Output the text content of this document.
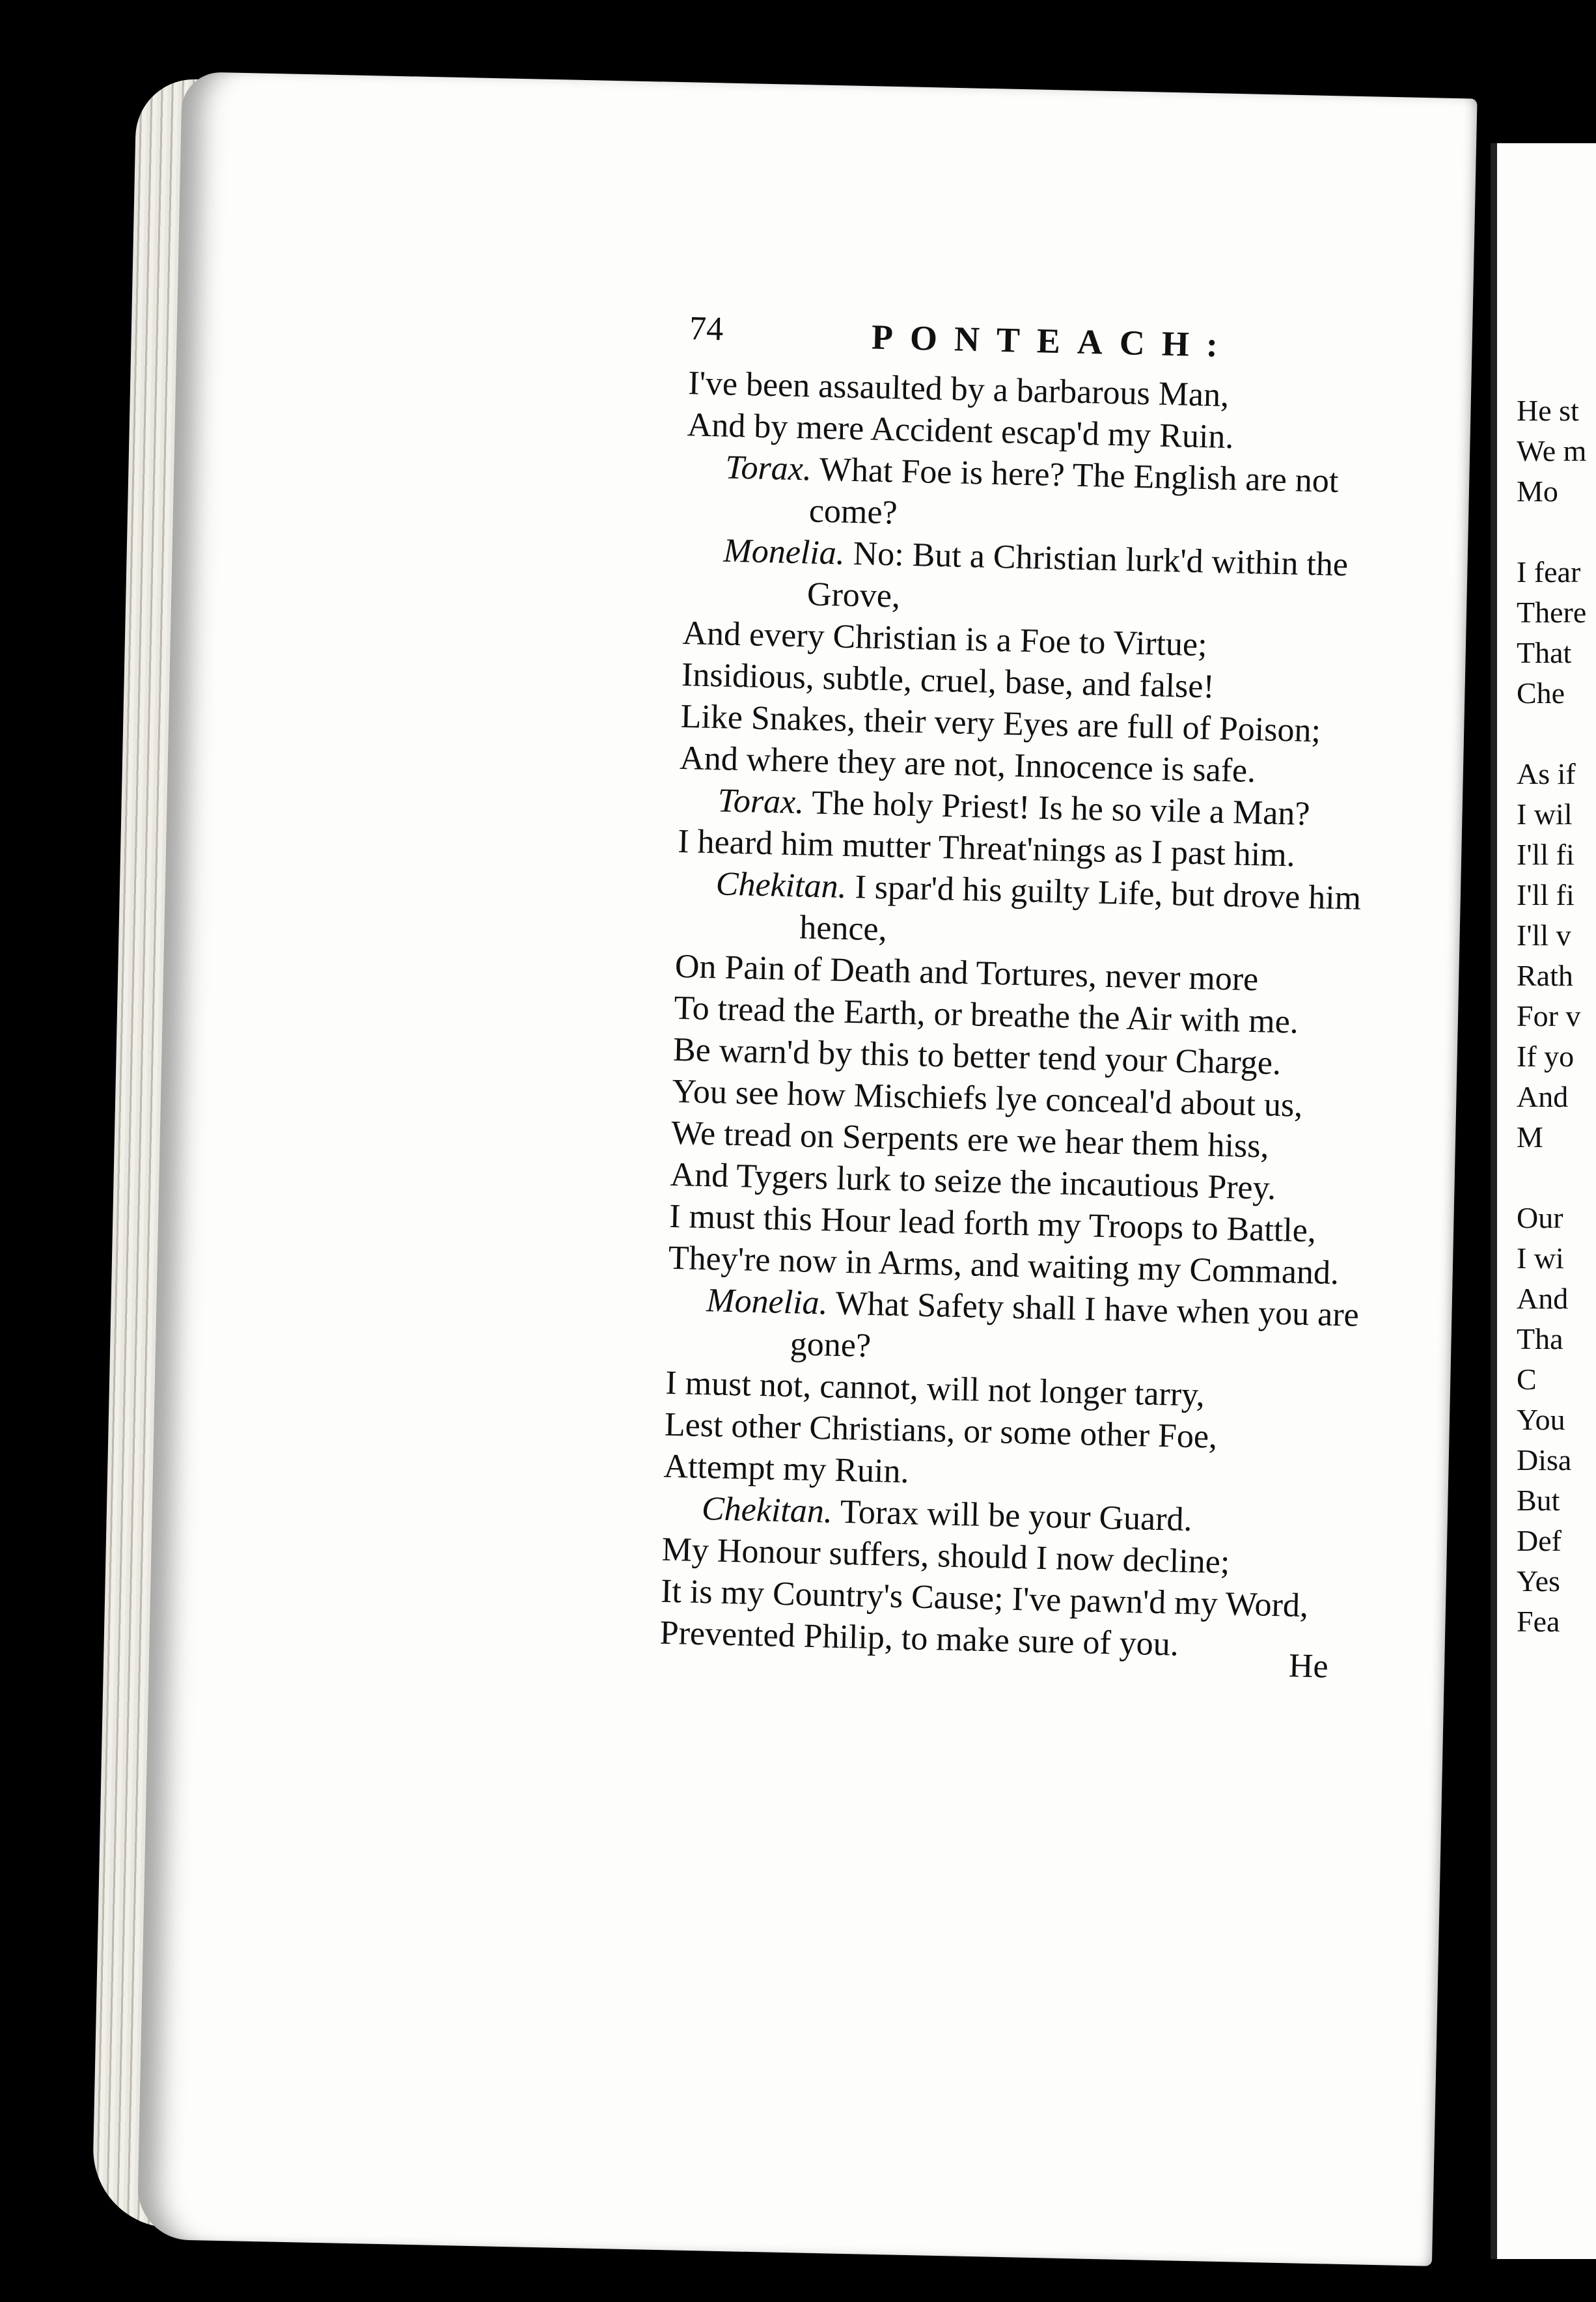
74	PONTEACH:
I've been assaulted by a barbarous Man,
And by mere Accident escap'd my Ruin.
Torax. What Foe is here? The English are not
come?
Monelia. No: But a Christian lurk'd within the
Grove,
And every Christian is a Foe to Virtue;
Insidious, subtle, cruel, base, and false!
Like Snakes, their very Eyes are full of Poison;
And where they are not, Innocence is safe.
Torax. The holy Priest! Is he so vile a Man?
I heard him mutter Threat'nings as I past him.
Chekitan. I spar'd his guilty Life, but drove him
hence,
On Pain of Death and Tortures, never more
To tread the Earth, or breathe the Air with me.
Be warn'd by this to better tend your Charge.
You see how Mischiefs lye conceal'd about us,
We tread on Serpents ere we hear them hiss,
And Tygers lurk to seize the incautious Prey.
I must this Hour lead forth my Troops to Battle,
They're now in Arms, and waiting my Command.
Monelia. What Safety shall I have when you are
gone?
I must not, cannot, will not longer tarry,
Lest other Christians, or some other Foe,
Attempt my Ruin.
Chekitan. Torax will be your Guard.
My Honour suffers, should I now decline;
It is my Country's Cause; I've pawn'd my Word,
Prevented Philip, to make sure of you.
He
He st
We m
Mo

I fear
There
That
Che

As if
I wil
I'll fi
I'll fi
I'll v
Rath
For v
If yo
And
M

Our
I wi
And
Tha
C
You
Disa
But
Def
Yes
Fea
